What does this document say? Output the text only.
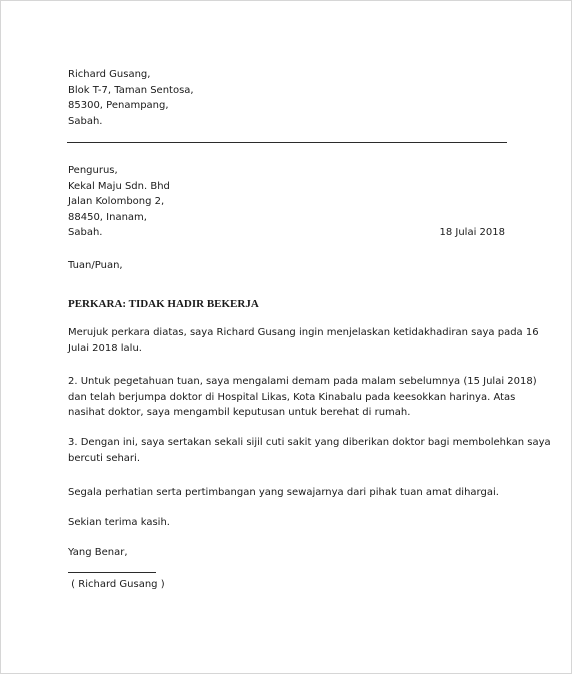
Richard Gusang,
Blok T-7, Taman Sentosa,
85300, Penampang,
Sabah.
Pengurus,
Kekal Maju Sdn. Bhd
Jalan Kolombong 2,
88450, Inanam,
Sabah.	18 Julai 2018
Tuan/Puan,
PERKARA: TIDAK HADIR BEKERJA
Merujuk perkara diatas, saya Richard Gusang ingin menjelaskan ketidakhadiran saya pada 16
Julai 2018 lalu.
2. Untuk pegetahuan tuan, saya mengalami demam pada malam sebelumnya (15 Julai 2018)
dan telah berjumpa doktor di Hospital Likas, Kota Kinabalu pada keesokkan harinya. Atas
nasihat doktor, saya mengambil keputusan untuk berehat di rumah.
3. Dengan ini, saya sertakan sekali sijil cuti sakit yang diberikan doktor bagi membolehkan saya
bercuti sehari.
Segala perhatian serta pertimbangan yang sewajarnya dari pihak tuan amat dihargai.
Sekian terima kasih.
Yang Benar,
( Richard Gusang )
